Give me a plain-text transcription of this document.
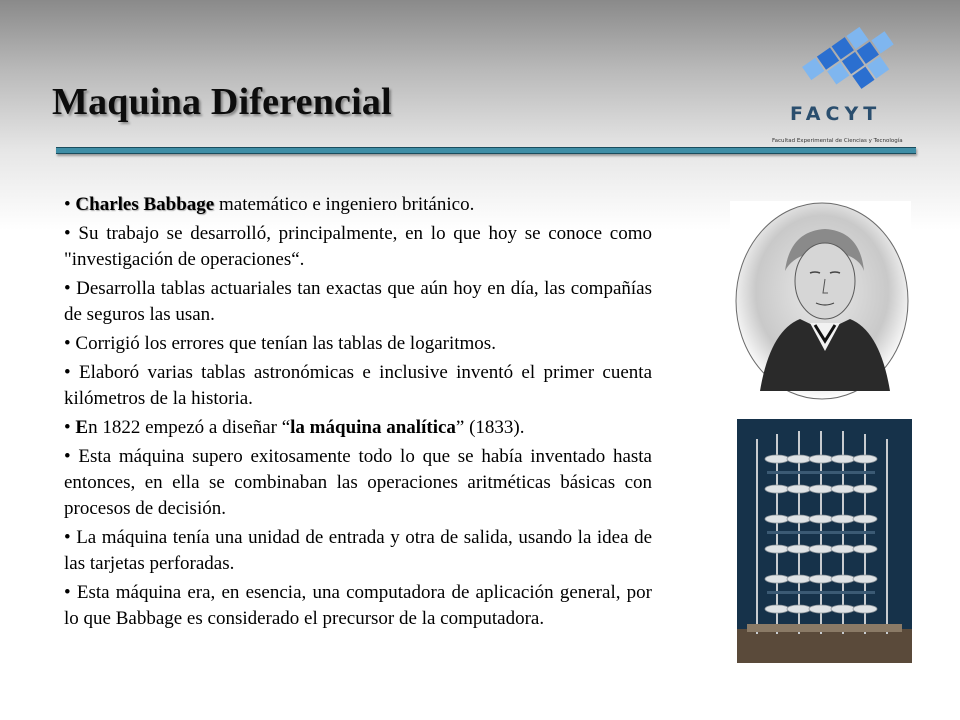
Maquina Diferencial	FACYT
Facultad Experimental de Ciencias y Tecnología
• Charles Babbage matemático e ingeniero británico.
• Su trabajo se desarrolló, principalmente, en lo que hoy se conoce como "investigación de operaciones“.
• Desarrolla tablas actuariales tan exactas que aún hoy en día, las compañías de seguros las usan.
• Corrigió los errores que tenían las tablas de logaritmos.
• Elaboró varias tablas astronómicas e inclusive inventó el primer cuenta kilómetros de la historia.
• En 1822 empezó a diseñar “la máquina analítica” (1833).
• Esta máquina supero exitosamente todo lo que se había inventado hasta entonces, en ella se combinaban las operaciones aritméticas básicas con procesos de decisión.
• La máquina tenía una unidad de entrada y otra de salida, usando la idea de las tarjetas perforadas.
• Esta máquina era, en esencia, una computadora de aplicación general, por lo que Babbage es considerado el precursor de la computadora.
